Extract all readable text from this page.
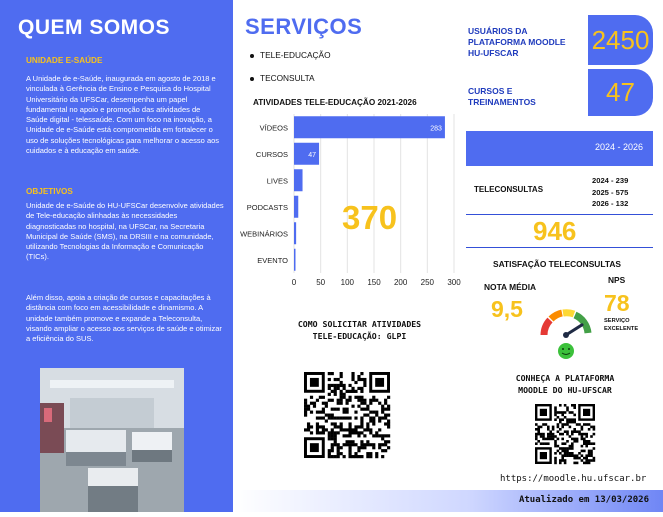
QUEM SOMOS
UNIDADE E-SAÚDE
A Unidade de e-Saúde, inaugurada em agosto de 2018 e vinculada à Gerência de Ensino e Pesquisa do Hospital Universitário da UFSCar, desempenha um papel fundamental no apoio e promoção das atividades de Saúde digital - telessaúde. Com um foco na inovação, a Unidade de e-Saúde está comprometida em fortalecer o uso de soluções tecnológicas para melhorar o acesso aos cuidados e à educação em saúde.
OBJETIVOS
Unidade de e-Saúde do HU-UFSCar desenvolve atividades de Tele-educação alinhadas às necessidades diagnosticadas no hospital, na UFSCar, na Secretaria Municipal de Saúde (SMS), na DRSIII e na comunidade, utilizando Tecnologias da Informação e Comunicação (TICs).
Além disso, apoia a criação de cursos e capacitações à distância com foco em acessibilidade e dinamismo. A unidade também promove e expande a Teleconsulta, visando ampliar o acesso aos serviços de saúde e otimizar a eficiência do SUS.
SERVIÇOS
TELE-EDUCAÇÃO
TECONSULTA
ATIVIDADES TELE-EDUCAÇÃO 2021-2026
0 50 100 150 200 250 300
VÍDEOS	283
CURSOS	47
LIVES
PODCASTS
WEBINÁRIOS
EVENTO
370
COMO SOLICITAR ATIVIDADES
TELE-EDUCAÇÃO: GLPI
USUÁRIOS DA
PLATAFORMA MOODLE
HU-UFSCAR	2450
CURSOS E
TREINAMENTOS	47
2024 - 2026
TELECONSULTAS
2024 - 239
2025 - 575
2026 - 132
946
SATISFAÇÃO TELECONSULTAS
NOTA MÉDIA
NPS
9,5	78
SERVIÇO
EXCELENTE
CONHEÇA A PLATAFORMA
MOODLE DO HU-UFSCAR
https://moodle.hu.ufscar.br
Atualizado em 13/03/2026
